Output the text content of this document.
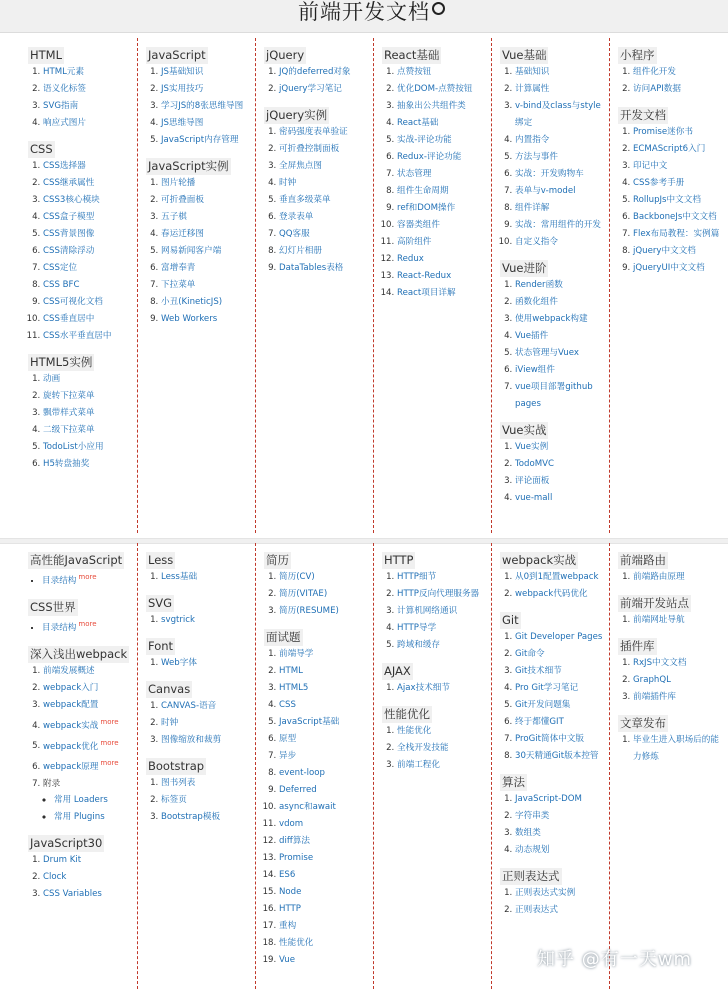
前端开发文档
HTML
1. HTML元素
2. 语义化标签
3. SVG指南
4. 响应式图片
CSS
1. CSS选择器
2. CSS继承属性
3. CSS3核心模块
4. CSS盒子模型
5. CSS背景图像
6. CSS清除浮动
7. CSS定位
8. CSS BFC
9. CSS可视化文档
10. CSS垂直居中
11. CSS水平垂直居中
HTML5实例
1. 动画
2. 旋转下拉菜单
3. 飘带样式菜单
4. 二级下拉菜单
5. TodoList小应用
6. H5转盘抽奖
JavaScript
1. JS基础知识
2. JS实用技巧
3. 学习JS的8张思维导图
4. JS思维导图
5. JavaScript内存管理
JavaScript实例
1. 图片轮播
2. 可折叠面板
3. 五子棋
4. 春运迁移图
5. 网易新闻客户端
6. 富增奉青
7. 下拉菜单
8. 小丑(KineticJS)
9. Web Workers
jQuery
1. JQ的deferred对象
2. jQuery学习笔记
jQuery实例
1. 密码强度表单验证
2. 可折叠控制面板
3. 全屏焦点图
4. 时钟
5. 垂直多级菜单
6. 登录表单
7. QQ客服
8. 幻灯片相册
9. DataTables表格
React基础
1. 点赞按钮
2. 优化DOM-点赞按钮
3. 抽象出公共组件类
4. React基础
5. 实战-评论功能
6. Redux-评论功能
7. 状态管理
8. 组件生命周期
9. ref和DOM操作
10. 容器类组件
11. 高阶组件
12. Redux
13. React-Redux
14. React项目详解
Vue基础
1. 基础知识
2. 计算属性
3. v-bind及class与style绑定
4. 内置指令
5. 方法与事件
6. 实战：开发购物车
7. 表单与v-model
8. 组件详解
9. 实战：常用组件的开发
10. 自定义指令
Vue进阶
1. Render函数
2. 函数化组件
3. 使用webpack构建
4. Vue插件
5. 状态管理与Vuex
6. iView组件
7. vue项目部署github pages
Vue实战
1. Vue实例
2. TodoMVC
3. 评论面板
4. vue-mall
小程序
1. 组件化开发
2. 访问API数据
开发文档
1. Promise迷你书
2. ECMAScript6入门
3. 印记中文
4. CSS参考手册
5. RollupJs中文文档
6. BackboneJs中文文档
7. Flex布局教程：实例篇
8. jQuery中文文档
9. jQueryUI中文文档
高性能JavaScript
• 目录结构 $^{more}$
CSS世界
• 目录结构 $^{more}$
深入浅出webpack
1. 前端发展概述
2. webpack入门
3. webpack配置
4. webpack实战 $^{more}$
5. webpack优化 $^{more}$
6. webpack原理 $^{more}$
7. 附录
◦ 常用 Loaders
◦ 常用 Plugins
JavaScript30
1. Drum Kit
2. Clock
3. CSS Variables
Less
1. Less基础
SVG
1. svgtrick
Font
1. Web字体
Canvas
1. CANVAS-语音
2. 时钟
3. 图像缩放和裁剪
Bootstrap
1. 图书列表
2. 标签页
3. Bootstrap模板
简历
1. 简历(CV)
2. 简历(VITAE)
3. 简历(RESUME)
面试题
1. 前端导学
2. HTML
3. HTML5
4. CSS
5. JavaScript基础
6. 原型
7. 异步
8. event-loop
9. Deferred
10. async和await
11. vdom
12. diff算法
13. Promise
14. ES6
15. Node
16. HTTP
17. 重构
18. 性能优化
19. Vue
HTTP
1. HTTP细节
2. HTTP反向代理服务器
3. 计算机网络通识
4. HTTP导学
5. 跨域和缓存
AJAX
1. Ajax技术细节
性能优化
1. 性能优化
2. 全栈开发技能
3. 前端工程化
webpack实战
1. 从0到1配置webpack
2. webpack代码优化
Git
1. Git Developer Pages
2. Git命令
3. Git技术细节
4. Pro Git学习笔记
5. Git开发问题集
6. 终于都懂GIT
7. ProGit简体中文版
8. 30天精通Git版本控管
算法
1. JavaScript-DOM
2. 字符串类
3. 数组类
4. 动态规划
正则表达式
1. 正则表达式实例
2. 正则表达式
前端路由
1. 前端路由原理
前端开发站点
1. 前端网址导航
插件库
1. RxJS中文文档
2. GraphQL
3. 前端插件库
文章发布
1. 毕业生进入职场后的能力修炼
知乎 @有一天wm
